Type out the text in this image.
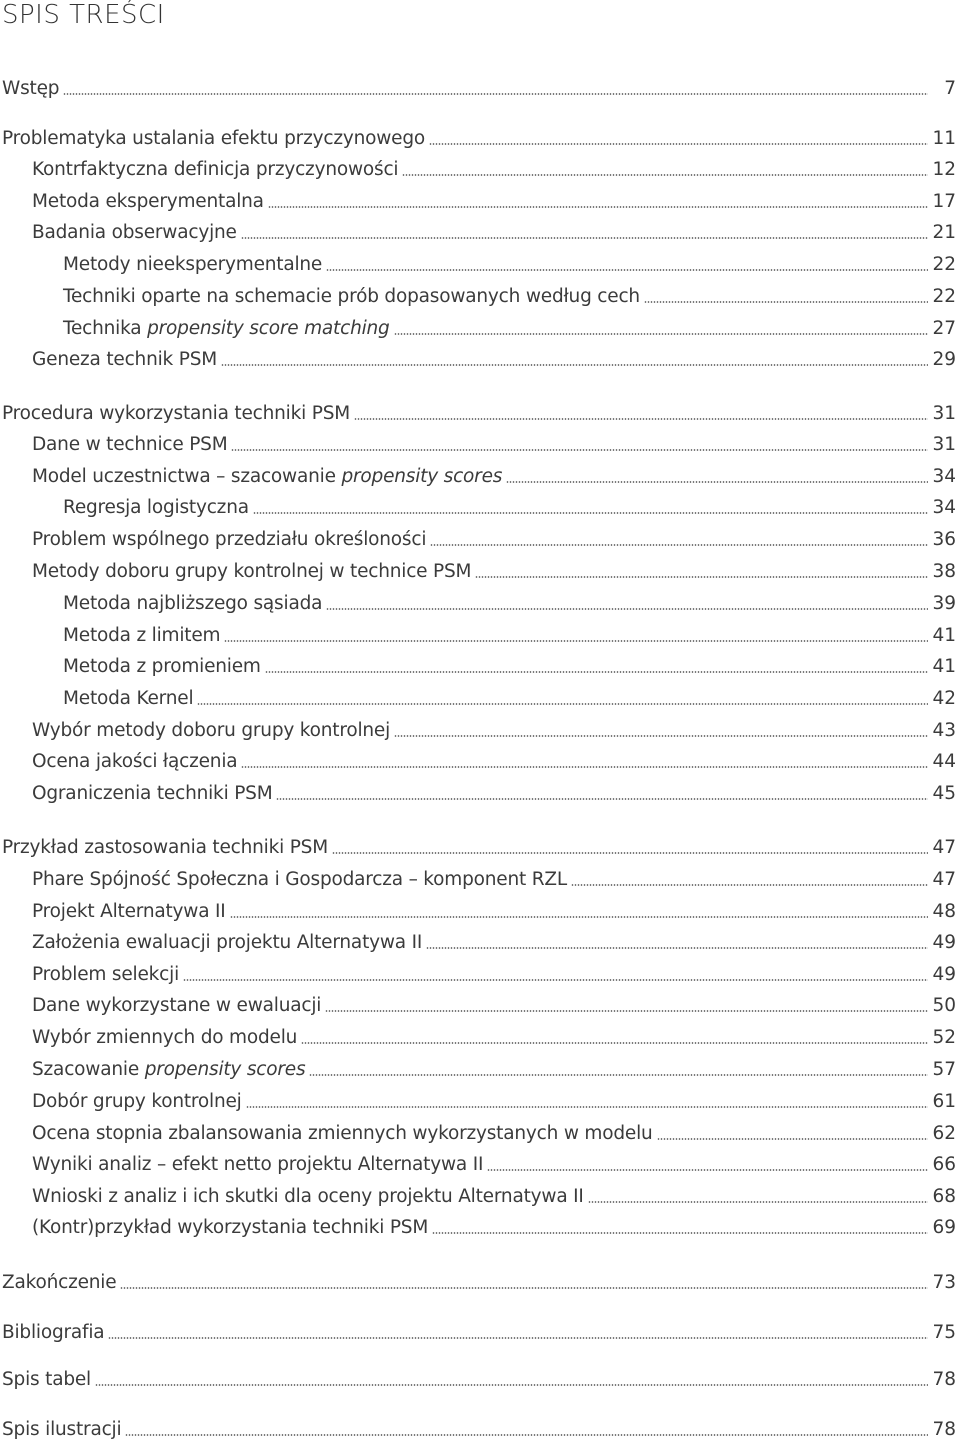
SPIS TREŚCI
Wstęp	7
Problematyka ustalania efektu przyczynowego	11
Kontrfaktyczna definicja przyczynowości	12
Metoda eksperymentalna	17
Badania obserwacyjne	21
Metody nieeksperymentalne	22
Techniki oparte na schemacie prób dopasowanych według cech	22
Technika propensity score matching	27
Geneza technik PSM	29
Procedura wykorzystania techniki PSM	31
Dane w technice PSM	31
Model uczestnictwa – szacowanie propensity scores	34
Regresja logistyczna	34
Problem wspólnego przedziału określoności	36
Metody doboru grupy kontrolnej w technice PSM	38
Metoda najbliższego sąsiada	39
Metoda z limitem	41
Metoda z promieniem	41
Metoda Kernel	42
Wybór metody doboru grupy kontrolnej	43
Ocena jakości łączenia	44
Ograniczenia techniki PSM	45
Przykład zastosowania techniki PSM	47
Phare Spójność Społeczna i Gospodarcza – komponent RZL	47
Projekt Alternatywa II	48
Założenia ewaluacji projektu Alternatywa II	49
Problem selekcji	49
Dane wykorzystane w ewaluacji	50
Wybór zmiennych do modelu	52
Szacowanie propensity scores	57
Dobór grupy kontrolnej	61
Ocena stopnia zbalansowania zmiennych wykorzystanych w modelu	62
Wyniki analiz – efekt netto projektu Alternatywa II	66
Wnioski z analiz i ich skutki dla oceny projektu Alternatywa II	68
(Kontr)przykład wykorzystania techniki PSM	69
Zakończenie	73
Bibliografia	75
Spis tabel	78
Spis ilustracji	78
